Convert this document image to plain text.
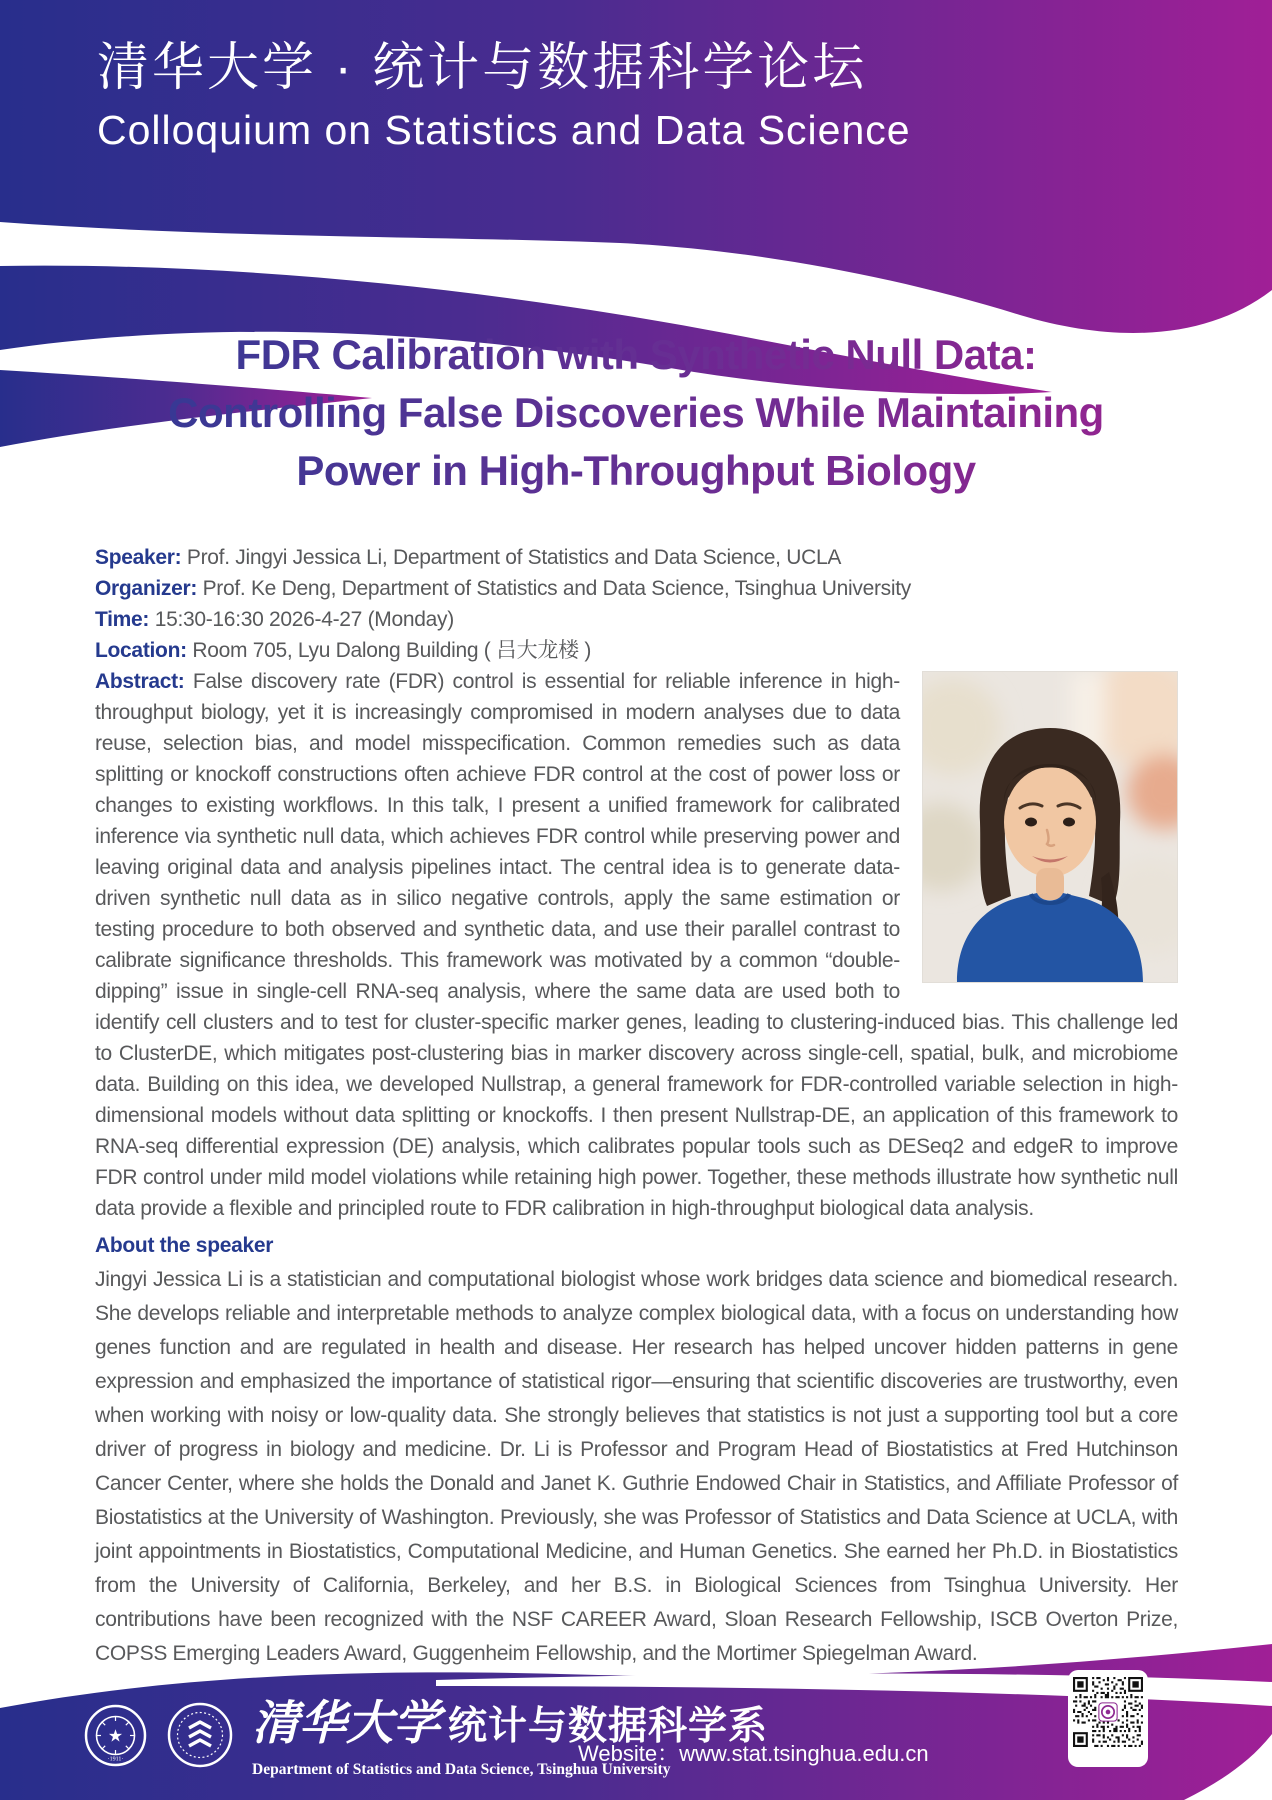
清华大学 · 统计与数据科学论坛
Colloquium on Statistics and Data Science
FDR Calibration with Synthetic Null Data:
Controlling False Discoveries While Maintaining
Power in High-Throughput Biology
Speaker: Prof. Jingyi Jessica Li, Department of Statistics and Data Science, UCLA
Organizer: Prof. Ke Deng, Department of Statistics and Data Science, Tsinghua University
Time: 15:30-16:30 2026-4-27 (Monday)
Location: Room 705, Lyu Dalong Building ( 吕大龙楼 )

Abstract: False discovery rate (FDR) control is essential for reliable inference in high-throughput biology, yet it is increasingly compromised in modern analyses due to data reuse, selection bias, and model misspecification. Common remedies such as data splitting or knockoff constructions often achieve FDR control at the cost of power loss or changes to existing workflows. In this talk, I present a unified framework for calibrated inference via synthetic null data, which achieves FDR control while preserving power and leaving original data and analysis pipelines intact. The central idea is to generate data-driven synthetic null data as in silico negative controls, apply the same estimation or testing procedure to both observed and synthetic data, and use their parallel contrast to calibrate significance thresholds. This framework was motivated by a common “double-dipping” issue in single-cell RNA-seq analysis, where the same data are used both to identify cell clusters and to test for cluster-specific marker genes, leading to clustering-induced bias. This challenge led to ClusterDE, which mitigates post-clustering bias in marker discovery across single-cell, spatial, bulk, and microbiome data. Building on this idea, we developed Nullstrap, a general framework for FDR-controlled variable selection in high-dimensional models without data splitting or knockoffs. I then present Nullstrap-DE, an application of this framework to RNA-seq differential expression (DE) analysis, which calibrates popular tools such as DESeq2 and edgeR to improve FDR control under mild model violations while retaining high power. Together, these methods illustrate how synthetic null data provide a flexible and principled route to FDR calibration in high-throughput biological data analysis.

About the speaker

Jingyi Jessica Li is a statistician and computational biologist whose work bridges data science and biomedical research. She develops reliable and interpretable methods to analyze complex biological data, with a focus on understanding how genes function and are regulated in health and disease. Her research has helped uncover hidden patterns in gene expression and emphasized the importance of statistical rigor—ensuring that scientific discoveries are trustworthy, even when working with noisy or low-quality data. She strongly believes that statistics is not just a supporting tool but a core driver of progress in biology and medicine. Dr. Li is Professor and Program Head of Biostatistics at Fred Hutchinson Cancer Center, where she holds the Donald and Janet K. Guthrie Endowed Chair in Statistics, and Affiliate Professor of Biostatistics at the University of Washington. Previously, she was Professor of Statistics and Data Science at UCLA, with joint appointments in Biostatistics, Computational Medicine, and Human Genetics. She earned her Ph.D. in Biostatistics from the University of California, Berkeley, and her B.S. in Biological Sciences from Tsinghua University. Her contributions have been recognized with the NSF CAREER Award, Sloan Research Fellowship, ISCB Overton Prize, COPSS Emerging Leaders Award, Guggenheim Fellowship, and the Mortimer Spiegelman Award.

★
·1911·
清华大学 统计与数据科学系
Department of Statistics and Data Science, Tsinghua University
Website：www.stat.tsinghua.edu.cn
